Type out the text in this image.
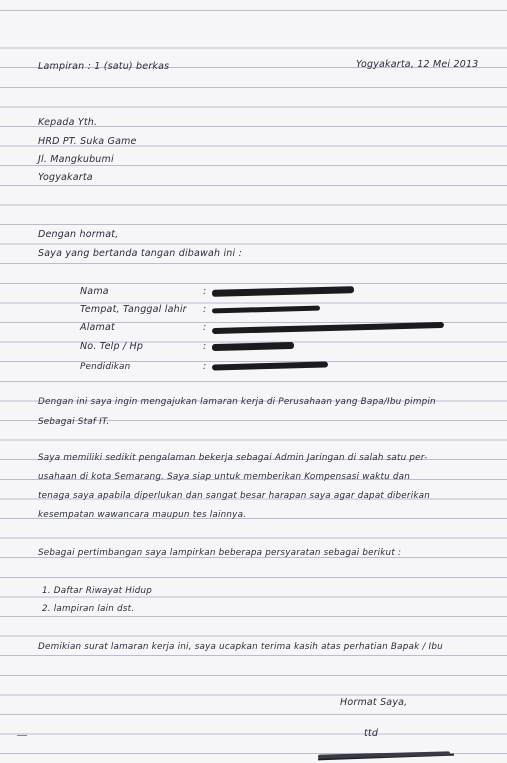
Lampiran : 1 (satu) berkas	Yogyakarta, 12 Mei 2013
Kepada Yth.
HRD PT. Suka Game
Jl. Mangkubumi
Yogyakarta
Dengan hormat,
Saya yang bertanda tangan dibawah ini :
Nama	:
Tempat, Tanggal lahir :
Alamat	:
No. Telp / Hp	:
Pendidikan	:
Dengan ini saya ingin mengajukan lamaran kerja di Perusahaan yang Bapa/Ibu pimpin
Sebagai Staf IT.
Saya memiliki sedikit pengalaman bekerja sebagai Admin Jaringan di salah satu per-
usahaan di kota Semarang. Saya siap untuk memberikan Kompensasi waktu dan
tenaga saya apabila diperlukan dan sangat besar harapan saya agar dapat diberikan
kesempatan wawancara maupun tes lainnya.
Sebagai pertimbangan saya lampirkan beberapa persyaratan sebagai berikut :
1. Daftar Riwayat Hidup
2. lampiran lain dst.
Demikian surat lamaran kerja ini, saya ucapkan terima kasih atas perhatian Bapak / Ibu
Hormat Saya,
ttd
